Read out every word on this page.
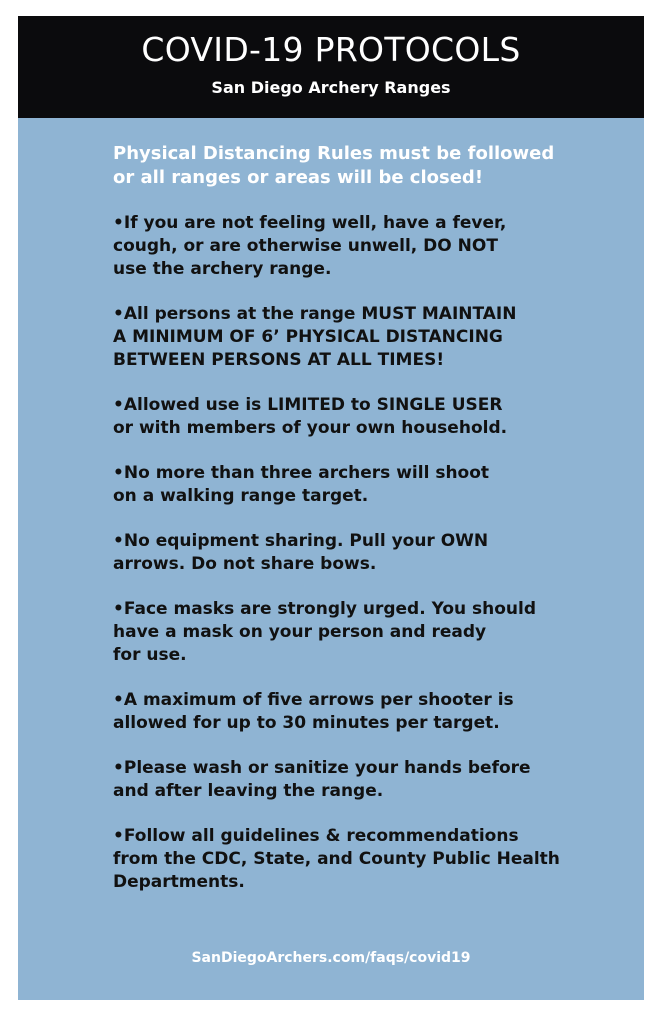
COVID-19 PROTOCOLS
San Diego Archery Ranges
Physical Distancing Rules must be followed
or all ranges or areas will be closed!
•If you are not feeling well, have a fever,
cough, or are otherwise unwell, DO NOT
use the archery range.
•All persons at the range MUST MAINTAIN
A MINIMUM OF 6’ PHYSICAL DISTANCING
BETWEEN PERSONS AT ALL TIMES!
•Allowed use is LIMITED to SINGLE USER
or with members of your own household.
•No more than three archers will shoot
on a walking range target.
•No equipment sharing. Pull your OWN
arrows. Do not share bows.
•Face masks are strongly urged. You should
have a mask on your person and ready
for use.
•A maximum of five arrows per shooter is
allowed for up to 30 minutes per target.
•Please wash or sanitize your hands before
and after leaving the range.
•Follow all guidelines & recommendations
from the CDC, State, and County Public Health
Departments.
SanDiegoArchers.com/faqs/covid19
